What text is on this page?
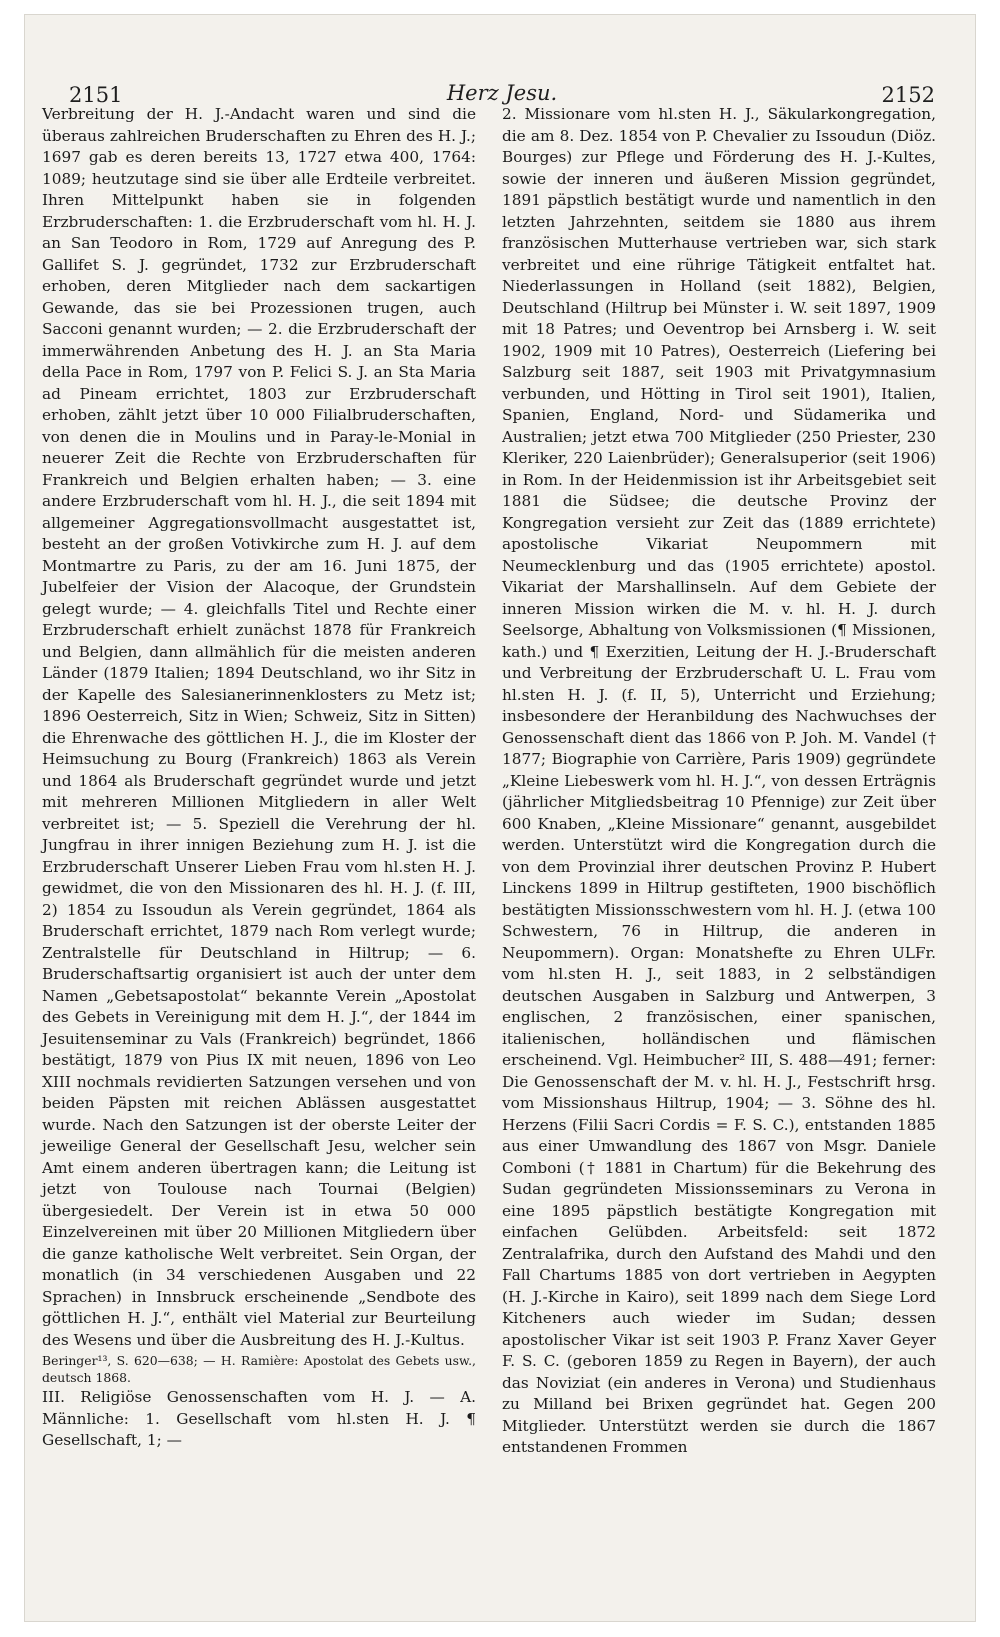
2151	Herz Jesu.	2152

Verbreitung der H. J.-Andacht waren und sind die überaus zahlreichen Bruderschaften zu Ehren des H. J.; 1697 gab es deren bereits 13, 1727 etwa 400, 1764: 1089; heutzutage sind sie über alle Erdteile verbreitet. Ihren Mittelpunkt haben sie in folgenden Erzbruderschaften: 1. die Erzbruderschaft vom hl. H. J. an San Teodoro in Rom, 1729 auf Anregung des P. Gallifet S. J. gegründet, 1732 zur Erzbruderschaft erhoben, deren Mitglieder nach dem sackartigen Gewande, das sie bei Prozessionen trugen, auch Sacconi genannt wurden; — 2. die Erzbruderschaft der immerwährenden Anbetung des H. J. an Sta Maria della Pace in Rom, 1797 von P. Felici S. J. an Sta Maria ad Pineam errichtet, 1803 zur Erzbruderschaft erhoben, zählt jetzt über 10 000 Filialbruderschaften, von denen die in Moulins und in Paray-le-Monial in neuerer Zeit die Rechte von Erzbruderschaften für Frankreich und Belgien erhalten haben; — 3. eine andere Erzbruderschaft vom hl. H. J., die seit 1894 mit allgemeiner Aggregationsvollmacht ausgestattet ist, besteht an der großen Votivkirche zum H. J. auf dem Montmartre zu Paris, zu der am 16. Juni 1875, der Jubelfeier der Vision der Alacoque, der Grundstein gelegt wurde; — 4. gleichfalls Titel und Rechte einer Erzbruderschaft erhielt zunächst 1878 für Frankreich und Belgien, dann allmählich für die meisten anderen Länder (1879 Italien; 1894 Deutschland, wo ihr Sitz in der Kapelle des Salesianerinnenklosters zu Metz ist; 1896 Oesterreich, Sitz in Wien; Schweiz, Sitz in Sitten) die Ehrenwache des göttlichen H. J., die im Kloster der Heimsuchung zu Bourg (Frankreich) 1863 als Verein und 1864 als Bruderschaft gegründet wurde und jetzt mit mehreren Millionen Mitgliedern in aller Welt verbreitet ist; — 5. Speziell die Verehrung der hl. Jungfrau in ihrer innigen Beziehung zum H. J. ist die Erzbruderschaft Unserer Lieben Frau vom hl.sten H. J. gewidmet, die von den Missionaren des hl. H. J. (f. III, 2) 1854 zu Issoudun als Verein gegründet, 1864 als Bruderschaft errichtet, 1879 nach Rom verlegt wurde; Zentralstelle für Deutschland in Hiltrup; — 6. Bruderschaftsartig organisiert ist auch der unter dem Namen „Gebetsapostolat“ bekannte Verein „Apostolat des Gebets in Vereinigung mit dem H. J.“, der 1844 im Jesuitenseminar zu Vals (Frankreich) begründet, 1866 bestätigt, 1879 von Pius IX mit neuen, 1896 von Leo XIII nochmals revidierten Satzungen versehen und von beiden Päpsten mit reichen Ablässen ausgestattet wurde. Nach den Satzungen ist der oberste Leiter der jeweilige General der Gesellschaft Jesu, welcher sein Amt einem anderen übertragen kann; die Leitung ist jetzt von Toulouse nach Tournai (Belgien) übergesiedelt. Der Verein ist in etwa 50 000 Einzelvereinen mit über 20 Millionen Mitgliedern über die ganze katholische Welt verbreitet. Sein Organ, der monatlich (in 34 verschiedenen Ausgaben und 22 Sprachen) in Innsbruck erscheinende „Sendbote des göttlichen H. J.“, enthält viel Material zur Beurteilung des Wesens und über die Ausbreitung des H. J.-Kultus.

Beringer¹³, S. 620—638; — H. Ramière: Apostolat des Gebets usw., deutsch 1868.

III. Religiöse Genossenschaften vom H. J. — A. Männliche: 1. Gesellschaft vom hl.sten H. J. ¶ Gesellschaft, 1; —

2. Missionare vom hl.sten H. J., Säkularkongregation, die am 8. Dez. 1854 von P. Chevalier zu Issoudun (Diöz. Bourges) zur Pflege und Förderung des H. J.-Kultes, sowie der inneren und äußeren Mission gegründet, 1891 päpstlich bestätigt wurde und namentlich in den letzten Jahrzehnten, seitdem sie 1880 aus ihrem französischen Mutterhause vertrieben war, sich stark verbreitet und eine rührige Tätigkeit entfaltet hat. Niederlassungen in Holland (seit 1882), Belgien, Deutschland (Hiltrup bei Münster i. W. seit 1897, 1909 mit 18 Patres; und Oeventrop bei Arnsberg i. W. seit 1902, 1909 mit 10 Patres), Oesterreich (Liefering bei Salzburg seit 1887, seit 1903 mit Privatgymnasium verbunden, und Hötting in Tirol seit 1901), Italien, Spanien, England, Nord- und Südamerika und Australien; jetzt etwa 700 Mitglieder (250 Priester, 230 Kleriker, 220 Laienbrüder); Generalsuperior (seit 1906) in Rom. In der Heidenmission ist ihr Arbeitsgebiet seit 1881 die Südsee; die deutsche Provinz der Kongregation versieht zur Zeit das (1889 errichtete) apostolische Vikariat Neupommern mit Neumecklenburg und das (1905 errichtete) apostol. Vikariat der Marshallinseln. Auf dem Gebiete der inneren Mission wirken die M. v. hl. H. J. durch Seelsorge, Abhaltung von Volksmissionen (¶ Missionen, kath.) und ¶ Exerzitien, Leitung der H. J.-Bruderschaft und Verbreitung der Erzbruderschaft U. L. Frau vom hl.sten H. J. (f. II, 5), Unterricht und Erziehung; insbesondere der Heranbildung des Nachwuchses der Genossenschaft dient das 1866 von P. Joh. M. Vandel († 1877; Biographie von Carrière, Paris 1909) gegründete „Kleine Liebeswerk vom hl. H. J.“, von dessen Erträgnis (jährlicher Mitgliedsbeitrag 10 Pfennige) zur Zeit über 600 Knaben, „Kleine Missionare“ genannt, ausgebildet werden. Unterstützt wird die Kongregation durch die von dem Provinzial ihrer deutschen Provinz P. Hubert Linckens 1899 in Hiltrup gestifteten, 1900 bischöflich bestätigten Missionsschwestern vom hl. H. J. (etwa 100 Schwestern, 76 in Hiltrup, die anderen in Neupommern). Organ: Monatshefte zu Ehren ULFr. vom hl.sten H. J., seit 1883, in 2 selbständigen deutschen Ausgaben in Salzburg und Antwerpen, 3 englischen, 2 französischen, einer spanischen, italienischen, holländischen und flämischen erscheinend. Vgl. Heimbucher² III, S. 488—491; ferner: Die Genossenschaft der M. v. hl. H. J., Festschrift hrsg. vom Missionshaus Hiltrup, 1904; — 3. Söhne des hl. Herzens (Filii Sacri Cordis = F. S. C.), entstanden 1885 aus einer Umwandlung des 1867 von Msgr. Daniele Comboni († 1881 in Chartum) für die Bekehrung des Sudan gegründeten Missionsseminars zu Verona in eine 1895 päpstlich bestätigte Kongregation mit einfachen Gelübden. Arbeitsfeld: seit 1872 Zentralafrika, durch den Aufstand des Mahdi und den Fall Chartums 1885 von dort vertrieben in Aegypten (H. J.-Kirche in Kairo), seit 1899 nach dem Siege Lord Kitcheners auch wieder im Sudan; dessen apostolischer Vikar ist seit 1903 P. Franz Xaver Geyer F. S. C. (geboren 1859 zu Regen in Bayern), der auch das Noviziat (ein anderes in Verona) und Studienhaus zu Milland bei Brixen gegründet hat. Gegen 200 Mitglieder. Unterstützt werden sie durch die 1867 entstandenen Frommen
